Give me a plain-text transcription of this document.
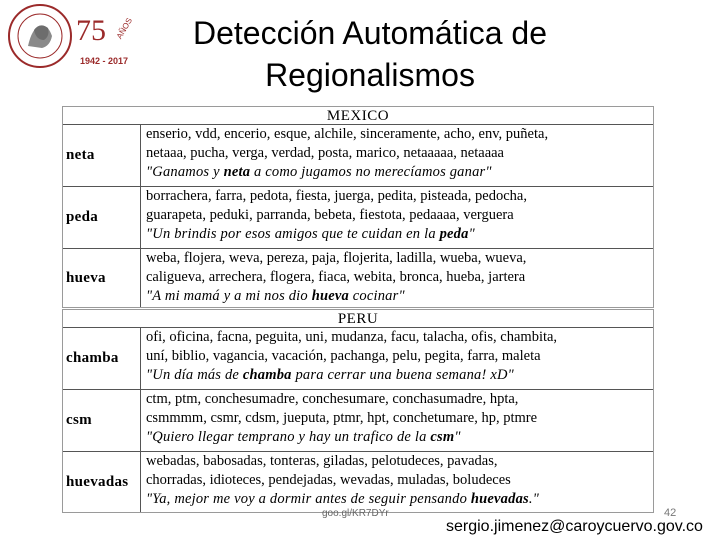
75 AÑOS
1942 - 2017
Detección Automática de
Regionalismos
MEXICO
neta
enserio, vdd, encerio, esque, alchile, sinceramente, acho, env, puñeta,
netaaa, pucha, verga, verdad, posta, marico, netaaaaa, netaaaa
"Ganamos y neta a como jugamos no merecíamos ganar"
peda
borrachera, farra, pedota, fiesta, juerga, pedita, pisteada, pedocha,
guarapeta, peduki, parranda, bebeta, fiestota, pedaaaa, verguera
"Un brindis por esos amigos que te cuidan en la peda"
hueva
weba, flojera, weva, pereza, paja, flojerita, ladilla, wueba, wueva,
caligueva, arrechera, flogera, fiaca, webita, bronca, hueba, jartera
"A mi mamá y a mi nos dio hueva cocinar"
PERU
chamba
ofi, oficina, facna, peguita, uni, mudanza, facu, talacha, ofis, chambita,
uní, biblio, vagancia, vacación, pachanga, pelu, pegita, farra, maleta
"Un día más de chamba para cerrar una buena semana! xD"
csm
ctm, ptm, conchesumadre, conchesumare, conchasumadre, hpta,
csmmmm, csmr, cdsm, jueputa, ptmr, hpt, conchetumare, hp, ptmre
"Quiero llegar temprano y hay un trafico de la csm"
huevadas
webadas, babosadas, tonteras, giladas, pelotudeces, pavadas,
chorradas, idioteces, pendejadas, wevadas, muladas, boludeces
"Ya, mejor me voy a dormir antes de seguir pensando huevadas."
goo.gl/KR7DYr	42
sergio.jimenez@caroycuervo.gov.co
